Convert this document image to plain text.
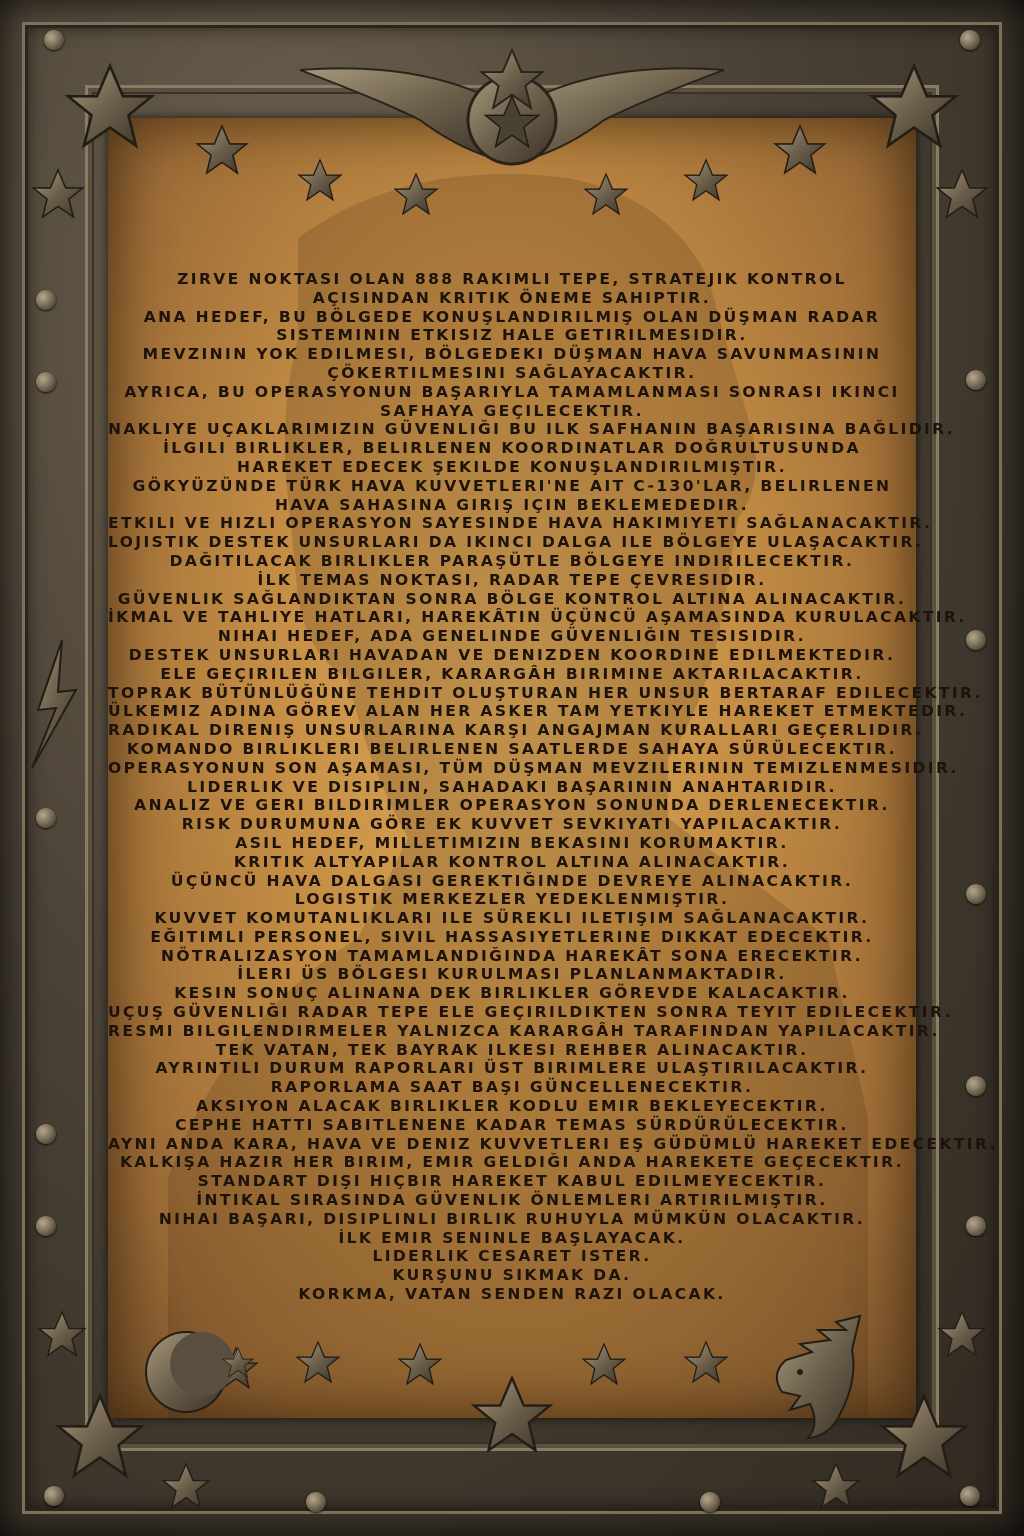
ZIRVE NOKTASI OLAN 888 RAKIMLI TEPE, STRATEJIK KONTROL AÇISINDAN KRITIK ÖNEME SAHIPTIR.
ANA HEDEF, BU BÖLGEDE KONUŞLANDIRILMIŞ OLAN DÜŞMAN RADAR SISTEMININ ETKISIZ HALE GETIRILMESIDIR.
MEVZININ YOK EDILMESI, BÖLGEDEKI DÜŞMAN HAVA SAVUNMASININ ÇÖKERTILMESINI SAĞLAYACAKTIR.
AYRICA, BU OPERASYONUN BAŞARIYLA TAMAMLANMASI SONRASI IKINCI SAFHAYA GEÇILECEKTIR.
NAKLIYE UÇAKLARIMIZIN GÜVENLIĞI BU ILK SAFHANIN BAŞARISINA BAĞLIDIR.
İLGILI BIRLIKLER, BELIRLENEN KOORDINATLAR DOĞRULTUSUNDA HAREKET EDECEK ŞEKILDE KONUŞLANDIRILMIŞTIR.
GÖKYÜZÜNDE TÜRK HAVA KUVVETLERI'NE AIT C-130'LAR, BELIRLENEN HAVA SAHASINA GIRIŞ IÇIN BEKLEMEDEDIR.
ETKILI VE HIZLI OPERASYON SAYESINDE HAVA HAKIMIYETI SAĞLANACAKTIR.
LOJISTIK DESTEK UNSURLARI DA IKINCI DALGA ILE BÖLGEYE ULAŞACAKTIR.
DAĞITILACAK BIRLIKLER PARAŞÜTLE BÖLGEYE INDIRILECEKTIR.
İLK TEMAS NOKTASI, RADAR TEPE ÇEVRESIDIR.
GÜVENLIK SAĞLANDIKTAN SONRA BÖLGE KONTROL ALTINA ALINACAKTIR.
İKMAL VE TAHLIYE HATLARI, HAREKÂTIN ÜÇÜNCÜ AŞAMASINDA KURULACAKTIR.
NIHAI HEDEF, ADA GENELINDE GÜVENLIĞIN TESISIDIR.
DESTEK UNSURLARI HAVADAN VE DENIZDEN KOORDINE EDILMEKTEDIR.
ELE GEÇIRILEN BILGILER, KARARGÂH BIRIMINE AKTARILACAKTIR.
TOPRAK BÜTÜNLÜĞÜNE TEHDIT OLUŞTURAN HER UNSUR BERTARAF EDILECEKTIR.
ÜLKEMIZ ADINA GÖREV ALAN HER ASKER TAM YETKIYLE HAREKET ETMEKTEDIR.
RADIKAL DIRENIŞ UNSURLARINA KARŞI ANGAJMAN KURALLARI GEÇERLIDIR.
KOMANDO BIRLIKLERI BELIRLENEN SAATLERDE SAHAYA SÜRÜLECEKTIR.
OPERASYONUN SON AŞAMASI, TÜM DÜŞMAN MEVZILERININ TEMIZLENMESIDIR.
LIDERLIK VE DISIPLIN, SAHADAKI BAŞARININ ANAHTARIDIR.
ANALIZ VE GERI BILDIRIMLER OPERASYON SONUNDA DERLENECEKTIR.
RISK DURUMUNA GÖRE EK KUVVET SEVKIYATI YAPILACAKTIR.
ASIL HEDEF, MILLETIMIZIN BEKASINI KORUMAKTIR.
KRITIK ALTYAPILAR KONTROL ALTINA ALINACAKTIR.
ÜÇÜNCÜ HAVA DALGASI GEREKTIĞINDE DEVREYE ALINACAKTIR.
LOGISTIK MERKEZLER YEDEKLENMIŞTIR.
KUVVET KOMUTANLIKLARI ILE SÜREKLI ILETIŞIM SAĞLANACAKTIR.
EĞITIMLI PERSONEL, SIVIL HASSASIYETLERINE DIKKAT EDECEKTIR.
NÖTRALIZASYON TAMAMLANDIĞINDA HAREKÂT SONA ERECEKTIR.
İLERI ÜS BÖLGESI KURULMASI PLANLANMAKTADIR.
KESIN SONUÇ ALINANA DEK BIRLIKLER GÖREVDE KALACAKTIR.
UÇUŞ GÜVENLIĞI RADAR TEPE ELE GEÇIRILDIKTEN SONRA TEYIT EDILECEKTIR.
RESMI BILGILENDIRMELER YALNIZCA KARARGÂH TARAFINDAN YAPILACAKTIR.
TEK VATAN, TEK BAYRAK ILKESI REHBER ALINACAKTIR.
AYRINTILI DURUM RAPORLARI ÜST BIRIMLERE ULAŞTIRILACAKTIR.
RAPORLAMA SAAT BAŞI GÜNCELLENECEKTIR.
AKSIYON ALACAK BIRLIKLER KODLU EMIR BEKLEYECEKTIR.
CEPHE HATTI SABITLENENE KADAR TEMAS SÜRDÜRÜLECEKTIR.
AYNI ANDA KARA, HAVA VE DENIZ KUVVETLERI EŞ GÜDÜMLÜ HAREKET EDECEKTIR.
KALKIŞA HAZIR HER BIRIM, EMIR GELDIĞI ANDA HAREKETE GEÇECEKTIR.
STANDART DIŞI HIÇBIR HAREKET KABUL EDILMEYECEKTIR.
İNTIKAL SIRASINDA GÜVENLIK ÖNLEMLERI ARTIRILMIŞTIR.
NIHAI BAŞARI, DISIPLINLI BIRLIK RUHUYLA MÜMKÜN OLACAKTIR.
İLK EMIR SENINLE BAŞLAYACAK.
LIDERLIK CESARET ISTER.
KURŞUNU SIKMAK DA.
KORKMA, VATAN SENDEN RAZI OLACAK.
